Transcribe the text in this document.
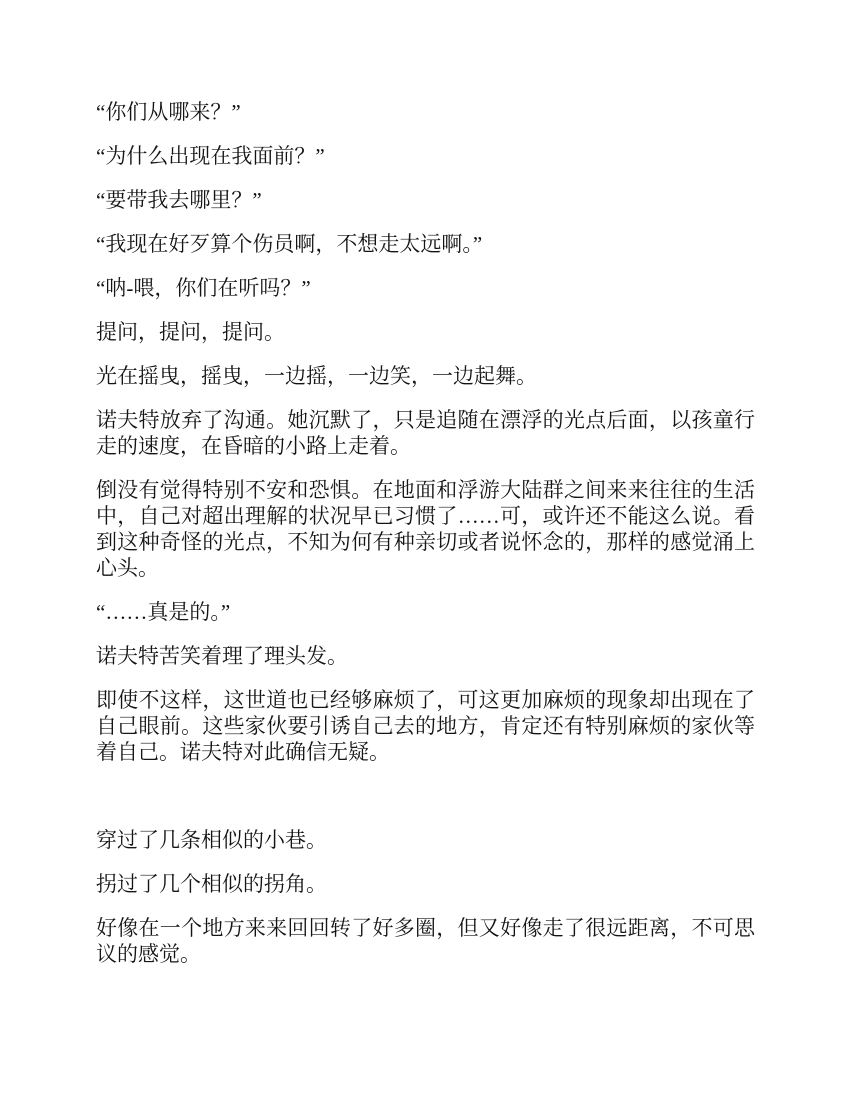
“你们从哪来？”

“为什么出现在我面前？”

“要带我去哪里？”

“我现在好歹算个伤员啊，不想走太远啊。”

“呐-喂，你们在听吗？”

提问，提问，提问。

光在摇曳，摇曳，一边摇，一边笑，一边起舞。

诺夫特放弃了沟通。她沉默了，只是追随在漂浮的光点后面，以孩童行
走的速度，在昏暗的小路上走着。

倒没有觉得特别不安和恐惧。在地面和浮游大陆群之间来来往往的生活
中，自己对超出理解的状况早已习惯了……可，或许还不能这么说。看
到这种奇怪的光点，不知为何有种亲切或者说怀念的，那样的感觉涌上
心头。

“……真是的。”

诺夫特苦笑着理了理头发。

即使不这样，这世道也已经够麻烦了，可这更加麻烦的现象却出现在了
自己眼前。这些家伙要引诱自己去的地方，肯定还有特别麻烦的家伙等
着自己。诺夫特对此确信无疑。

穿过了几条相似的小巷。

拐过了几个相似的拐角。

好像在一个地方来来回回转了好多圈，但又好像走了很远距离，不可思
议的感觉。
